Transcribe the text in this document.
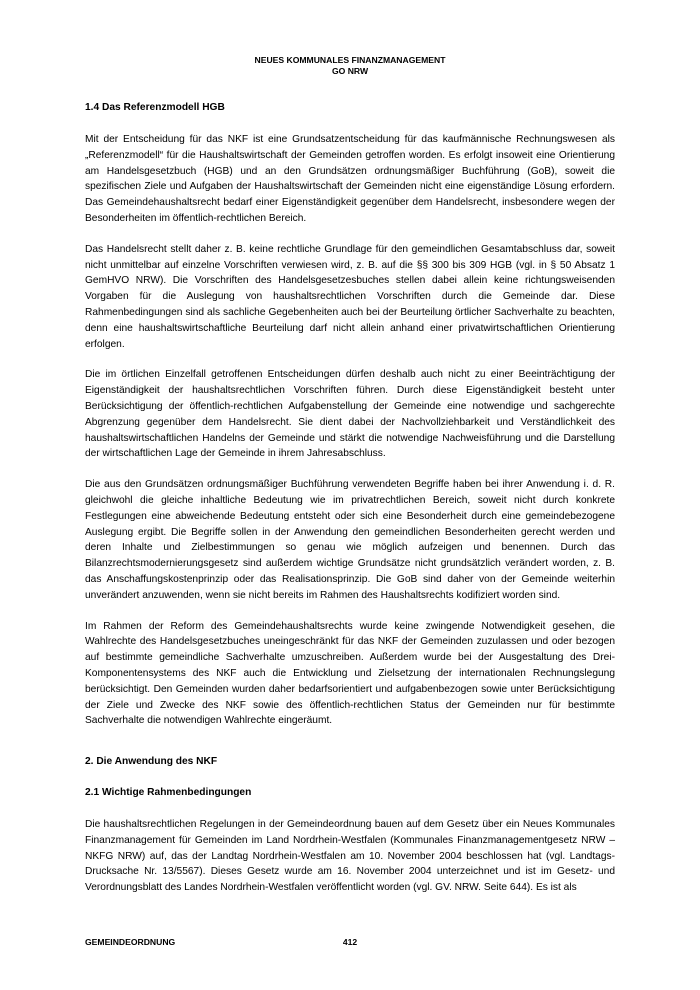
NEUES KOMMUNALES FINANZMANAGEMENT
GO NRW
1.4 Das Referenzmodell HGB

Mit der Entscheidung für das NKF ist eine Grundsatzentscheidung für das kaufmännische Rechnungswesen als „Referenzmodell“ für die Haushaltswirtschaft der Gemeinden getroffen worden. Es erfolgt insoweit eine Orientierung am Handelsgesetzbuch (HGB) und an den Grundsätzen ordnungsmäßiger Buchführung (GoB), soweit die spezifischen Ziele und Aufgaben der Haushaltswirtschaft der Gemeinden nicht eine eigenständige Lösung erfordern. Das Gemeindehaushaltsrecht bedarf einer Eigenständigkeit gegenüber dem Handelsrecht, insbesondere wegen der Besonderheiten im öffentlich-rechtlichen Bereich.

Das Handelsrecht stellt daher z. B. keine rechtliche Grundlage für den gemeindlichen Gesamtabschluss dar, soweit nicht unmittelbar auf einzelne Vorschriften verwiesen wird, z. B. auf die §§ 300 bis 309 HGB (vgl. in § 50 Absatz 1 GemHVO NRW). Die Vorschriften des Handelsgesetzesbuches stellen dabei allein keine richtungsweisenden Vorgaben für die Auslegung von haushaltsrechtlichen Vorschriften durch die Gemeinde dar. Diese Rahmenbedingungen sind als sachliche Gegebenheiten auch bei der Beurteilung örtlicher Sachverhalte zu beachten, denn eine haushaltswirtschaftliche Beurteilung darf nicht allein anhand einer privatwirtschaftlichen Orientierung erfolgen.

Die im örtlichen Einzelfall getroffenen Entscheidungen dürfen deshalb auch nicht zu einer Beeinträchtigung der Eigenständigkeit der haushaltsrechtlichen Vorschriften führen. Durch diese Eigenständigkeit besteht unter Berücksichtigung der öffentlich-rechtlichen Aufgabenstellung der Gemeinde eine notwendige und sachgerechte Abgrenzung gegenüber dem Handelsrecht. Sie dient dabei der Nachvollziehbarkeit und Verständlichkeit des haushaltswirtschaftlichen Handelns der Gemeinde und stärkt die notwendige Nachweisführung und die Darstellung der wirtschaftlichen Lage der Gemeinde in ihrem Jahresabschluss.

Die aus den Grundsätzen ordnungsmäßiger Buchführung verwendeten Begriffe haben bei ihrer Anwendung i. d. R. gleichwohl die gleiche inhaltliche Bedeutung wie im privatrechtlichen Bereich, soweit nicht durch konkrete Festlegungen eine abweichende Bedeutung entsteht oder sich eine Besonderheit durch eine gemeindebezogene Auslegung ergibt. Die Begriffe sollen in der Anwendung den gemeindlichen Besonderheiten gerecht werden und deren Inhalte und Zielbestimmungen so genau wie möglich aufzeigen und benennen. Durch das Bilanzrechtsmodernierungsgesetz sind außerdem wichtige Grundsätze nicht grundsätzlich verändert worden, z. B. das Anschaffungskostenprinzip oder das Realisationsprinzip. Die GoB sind daher von der Gemeinde weiterhin unverändert anzuwenden, wenn sie nicht bereits im Rahmen des Haushaltsrechts kodifiziert worden sind.

Im Rahmen der Reform des Gemeindehaushaltsrechts wurde keine zwingende Notwendigkeit gesehen, die Wahlrechte des Handelsgesetzbuches uneingeschränkt für das NKF der Gemeinden zuzulassen und oder bezogen auf bestimmte gemeindliche Sachverhalte umzuschreiben. Außerdem wurde bei der Ausgestaltung des Drei-Komponentensystems des NKF auch die Entwicklung und Zielsetzung der internationalen Rechnungslegung berücksichtigt. Den Gemeinden wurden daher bedarfsorientiert und aufgabenbezogen sowie unter Berücksichtigung der Ziele und Zwecke des NKF sowie des öffentlich-rechtlichen Status der Gemeinden nur für bestimmte Sachverhalte die notwendigen Wahlrechte eingeräumt.

2. Die Anwendung des NKF
2.1 Wichtige Rahmenbedingungen

Die haushaltsrechtlichen Regelungen in der Gemeindeordnung bauen auf dem Gesetz über ein Neues Kommunales Finanzmanagement für Gemeinden im Land Nordrhein-Westfalen (Kommunales Finanzmanagementgesetz NRW – NKFG NRW) auf, das der Landtag Nordrhein-Westfalen am 10. November 2004 beschlossen hat (vgl. Landtags-Drucksache Nr. 13/5567). Dieses Gesetz wurde am 16. November 2004 unterzeichnet und ist im Gesetz- und Verordnungsblatt des Landes Nordrhein-Westfalen veröffentlicht worden (vgl. GV. NRW. Seite 644). Es ist als

GEMEINDEORDNUNG	412
